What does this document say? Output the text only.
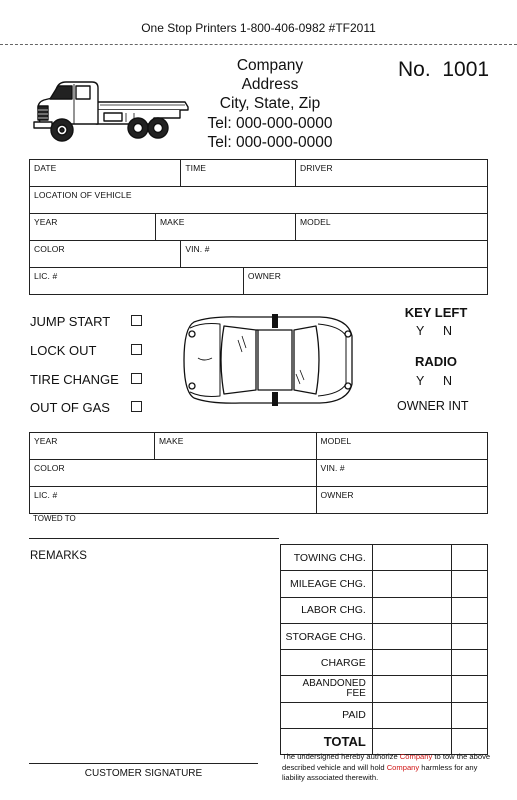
One Stop Printers 1-800-406-0982 #TF2011
Company
Address
City, State, Zip
Tel: 000-000-0000
Tel: 000-000-0000
No. 1001
DATE		TIME		DRIVER
LOCATION OF VEHICLE				
YEAR	MAKE			MODEL
COLOR		VIN. #		
LIC. #			OWNER	
JUMP START
LOCK OUT
TIRE CHANGE
OUT OF GAS
KEY LEFT
Y N
RADIO
Y N
OWNER INT
YEAR	MAKE	MODEL
COLOR		VIN. #
LIC. #		OWNER
TOWED TO
REMARKS	TOWING CHG.		
MILEAGE CHG.		
LABOR CHG.		
STORAGE CHG.		
CHARGE		
ABANDONED FEE		
PAID		
TOTAL		
The undersigned hereby authorize Company to tow the above described vehicle and will hold Company harmless for any liability associated therewith.
CUSTOMER SIGNATURE
